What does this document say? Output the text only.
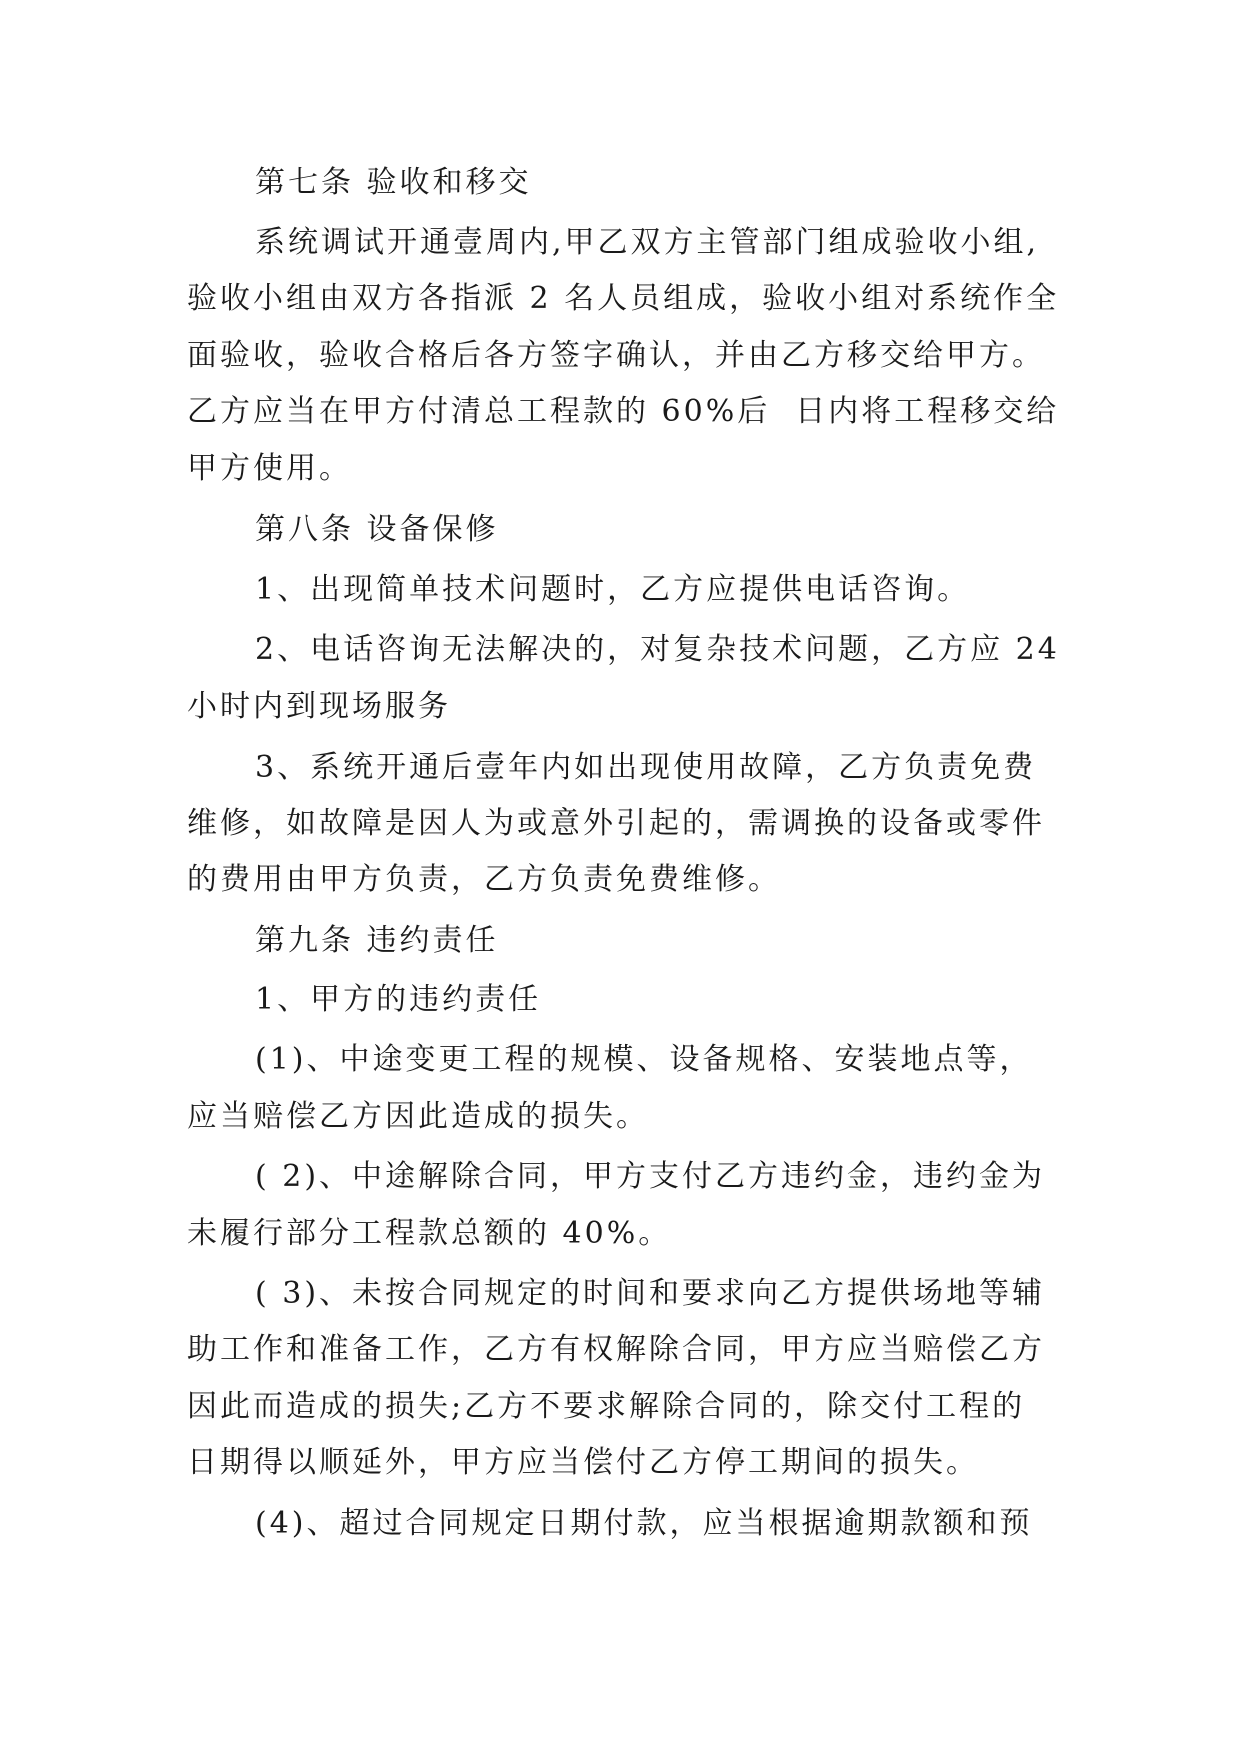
第七条 验收和移交
系统调试开通壹周内,甲乙双方主管部门组成验收小组,
验收小组由双方各指派 2 名人员组成，验收小组对系统作全
面验收，验收合格后各方签字确认，并由乙方移交给甲方。
乙方应当在甲方付清总工程款的 60%后  日内将工程移交给
甲方使用。
第八条 设备保修
1、出现简单技术问题时，乙方应提供电话咨询。
2、电话咨询无法解决的，对复杂技术问题，乙方应 24
小时内到现场服务
3、系统开通后壹年内如出现使用故障，乙方负责免费
维修，如故障是因人为或意外引起的，需调换的设备或零件
的费用由甲方负责，乙方负责免费维修。
第九条 违约责任
1、甲方的违约责任
(1)、中途变更工程的规模、设备规格、安装地点等，
应当赔偿乙方因此造成的损失。
( 2)、中途解除合同，甲方支付乙方违约金，违约金为
未履行部分工程款总额的 40%。
( 3)、未按合同规定的时间和要求向乙方提供场地等辅
助工作和准备工作，乙方有权解除合同，甲方应当赔偿乙方
因此而造成的损失;乙方不要求解除合同的，除交付工程的
日期得以顺延外，甲方应当偿付乙方停工期间的损失。
(4)、超过合同规定日期付款，应当根据逾期款额和预
